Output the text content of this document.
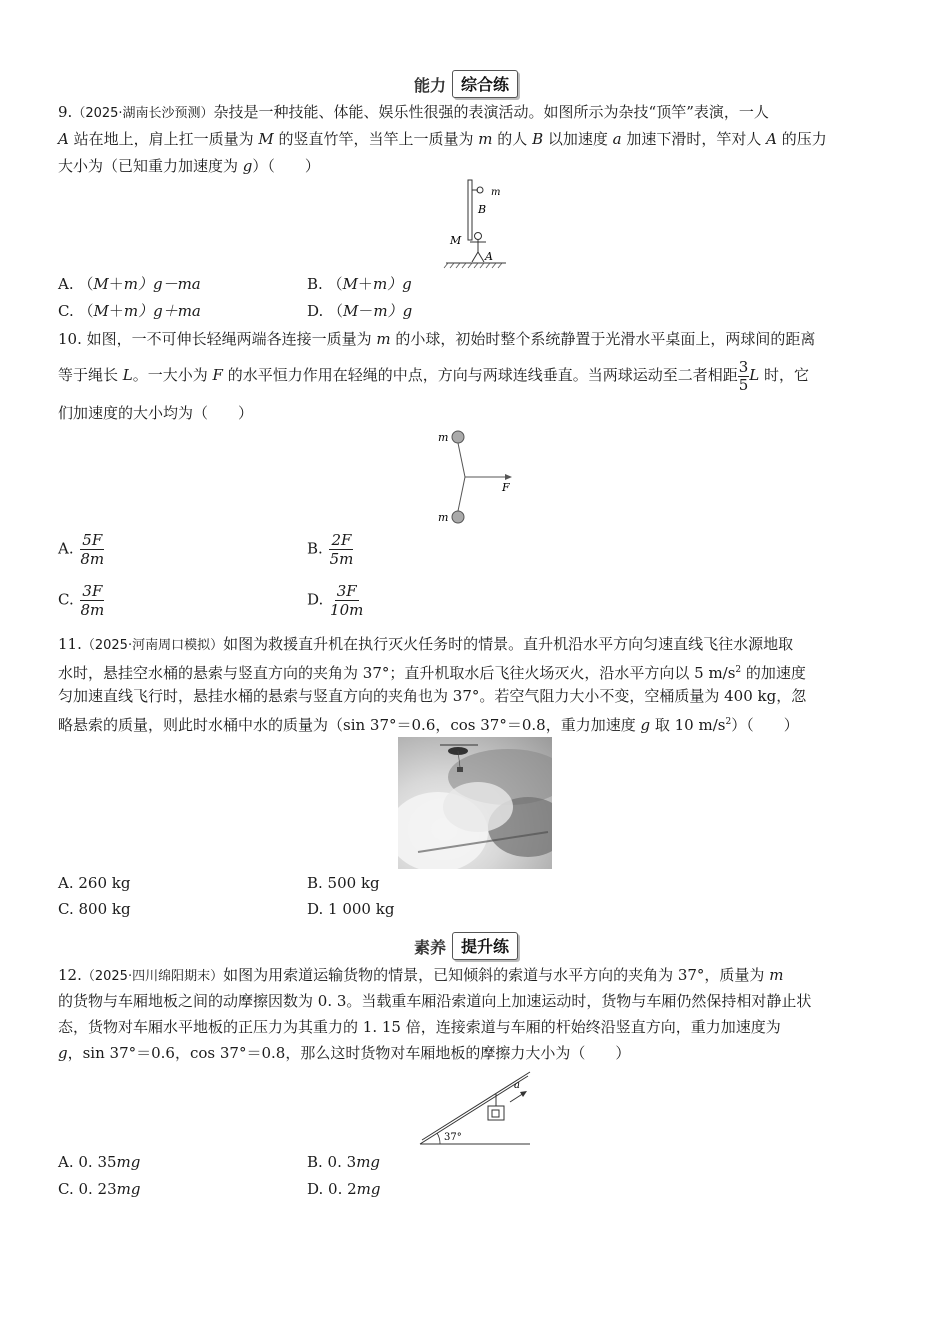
能力 综合练
9.（2025·湖南长沙预测）杂技是一种技能、体能、娱乐性很强的表演活动。如图所示为杂技“顶竿”表演，一人
A 站在地上，肩上扛一质量为 M 的竖直竹竿，当竿上一质量为 m 的人 B 以加速度 a 加速下滑时，竿对人 A 的压力
大小为（已知重力加速度为 g）（　　）
m
B
M
A
A. （M＋m）g－ma	B. （M＋m）g
C. （M＋m）g＋ma	D. （M－m）g
10. 如图，一不可伸长轻绳两端各连接一质量为 m 的小球，初始时整个系统静置于光滑水平桌面上，两球间的距离
等于绳长 L。一大小为 F 的水平恒力作用在轻绳的中点，方向与两球连线垂直。当两球运动至二者相距 $\frac{3}{5}$ L 时，它
们加速度的大小均为（　　）
m
m
F
A. $\frac{5F}{8m}$	B. $\frac{2F}{5m}$
C. $\frac{3F}{8m}$	D. $\frac{3F}{10m}$
11.（2025·河南周口模拟）如图为救援直升机在执行灭火任务时的情景。直升机沿水平方向匀速直线飞往水源地取
水时，悬挂空水桶的悬索与竖直方向的夹角为 37°；直升机取水后飞往火场灭火，沿水平方向以 5 $m/s^2$ 的加速度
匀加速直线飞行时，悬挂水桶的悬索与竖直方向的夹角也为 37°。若空气阻力大小不变，空桶质量为 400 kg，忽
略悬索的质量，则此时水桶中水的质量为（sin 37°＝0.6，cos 37°＝0.8，重力加速度 g 取 10 $m/s^2$）（　　）
A. 260 kg	B. 500 kg
C. 800 kg	D. 1 000 kg
素养 提升练
12.（2025·四川绵阳期末）如图为用索道运输货物的情景，已知倾斜的索道与水平方向的夹角为 37°，质量为 m
的货物与车厢地板之间的动摩擦因数为 0. 3。当载重车厢沿索道向上加速运动时，货物与车厢仍然保持相对静止状
态，货物对车厢水平地板的正压力为其重力的 1. 15 倍，连接索道与车厢的杆始终沿竖直方向，重力加速度为
g，sin 37°＝0.6，cos 37°＝0.8，那么这时货物对车厢地板的摩擦力大小为（　　）
a
37°
A. 0. 35mg	B. 0. 3mg
C. 0. 23mg	D. 0. 2mg
